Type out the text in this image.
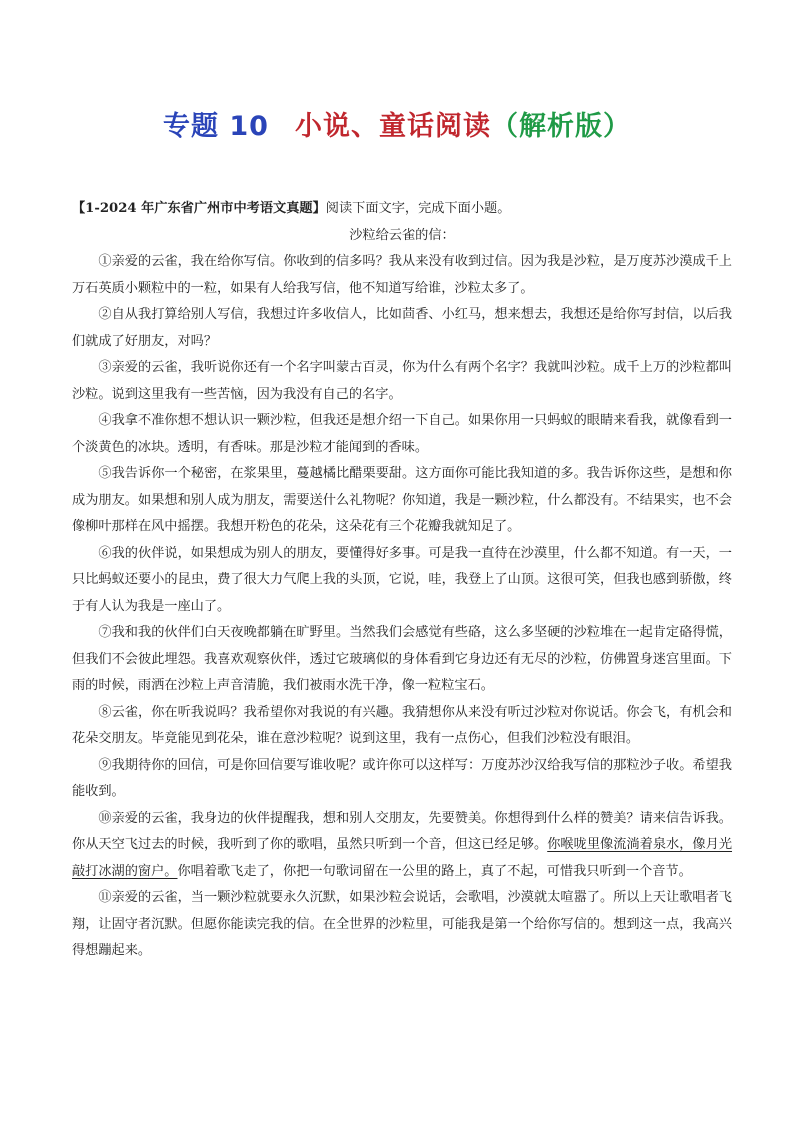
专题 10 小说、童话阅读（解析版）

【1-2024 年广东省广州市中考语文真题】阅读下面文字，完成下面小题。

沙粒给云雀的信：

①亲爱的云雀，我在给你写信。你收到的信多吗？我从来没有收到过信。因为我是沙粒，是万度苏沙漠成千上万石英质小颗粒中的一粒，如果有人给我写信，他不知道写给谁，沙粒太多了。

②自从我打算给别人写信，我想过许多收信人，比如茴香、小红马，想来想去，我想还是给你写封信，以后我们就成了好朋友，对吗？

③亲爱的云雀，我听说你还有一个名字叫蒙古百灵，你为什么有两个名字？我就叫沙粒。成千上万的沙粒都叫沙粒。说到这里我有一些苦恼，因为我没有自己的名字。

④我拿不准你想不想认识一颗沙粒，但我还是想介绍一下自己。如果你用一只蚂蚁的眼睛来看我，就像看到一个淡黄色的冰块。透明，有香味。那是沙粒才能闻到的香味。

⑤我告诉你一个秘密，在浆果里，蔓越橘比醋栗要甜。这方面你可能比我知道的多。我告诉你这些，是想和你成为朋友。如果想和别人成为朋友，需要送什么礼物呢？你知道，我是一颗沙粒，什么都没有。不结果实，也不会像柳叶那样在风中摇摆。我想开粉色的花朵，这朵花有三个花瓣我就知足了。

⑥我的伙伴说，如果想成为别人的朋友，要懂得好多事。可是我一直待在沙漠里，什么都不知道。有一天，一只比蚂蚁还要小的昆虫，费了很大力气爬上我的头顶，它说，哇，我登上了山顶。这很可笑，但我也感到骄傲，终于有人认为我是一座山了。

⑦我和我的伙伴们白天夜晚都躺在旷野里。当然我们会感觉有些硌，这么多坚硬的沙粒堆在一起肯定硌得慌，但我们不会彼此埋怨。我喜欢观察伙伴，透过它玻璃似的身体看到它身边还有无尽的沙粒，仿佛置身迷宫里面。下雨的时候，雨洒在沙粒上声音清脆，我们被雨水洗干净，像一粒粒宝石。

⑧云雀，你在听我说吗？我希望你对我说的有兴趣。我猜想你从来没有听过沙粒对你说话。你会飞，有机会和花朵交朋友。毕竟能见到花朵，谁在意沙粒呢？说到这里，我有一点伤心，但我们沙粒没有眼泪。

⑨我期待你的回信，可是你回信要写谁收呢？或许你可以这样写：万度苏沙汉给我写信的那粒沙子收。希望我能收到。

⑩亲爱的云雀，我身边的伙伴提醒我，想和别人交朋友，先要赞美。你想得到什么样的赞美？请来信告诉我。你从天空飞过去的时候，我听到了你的歌唱，虽然只听到一个音，但这已经足够。你喉咙里像流淌着泉水，像月光敲打冰湖的窗户。你唱着歌飞走了，你把一句歌词留在一公里的路上，真了不起，可惜我只听到一个音节。

⑪亲爱的云雀，当一颗沙粒就要永久沉默，如果沙粒会说话，会歌唱，沙漠就太喧嚣了。所以上天让歌唱者飞翔，让固守者沉默。但愿你能读完我的信。在全世界的沙粒里，可能我是第一个给你写信的。想到这一点，我高兴得想蹦起来。
